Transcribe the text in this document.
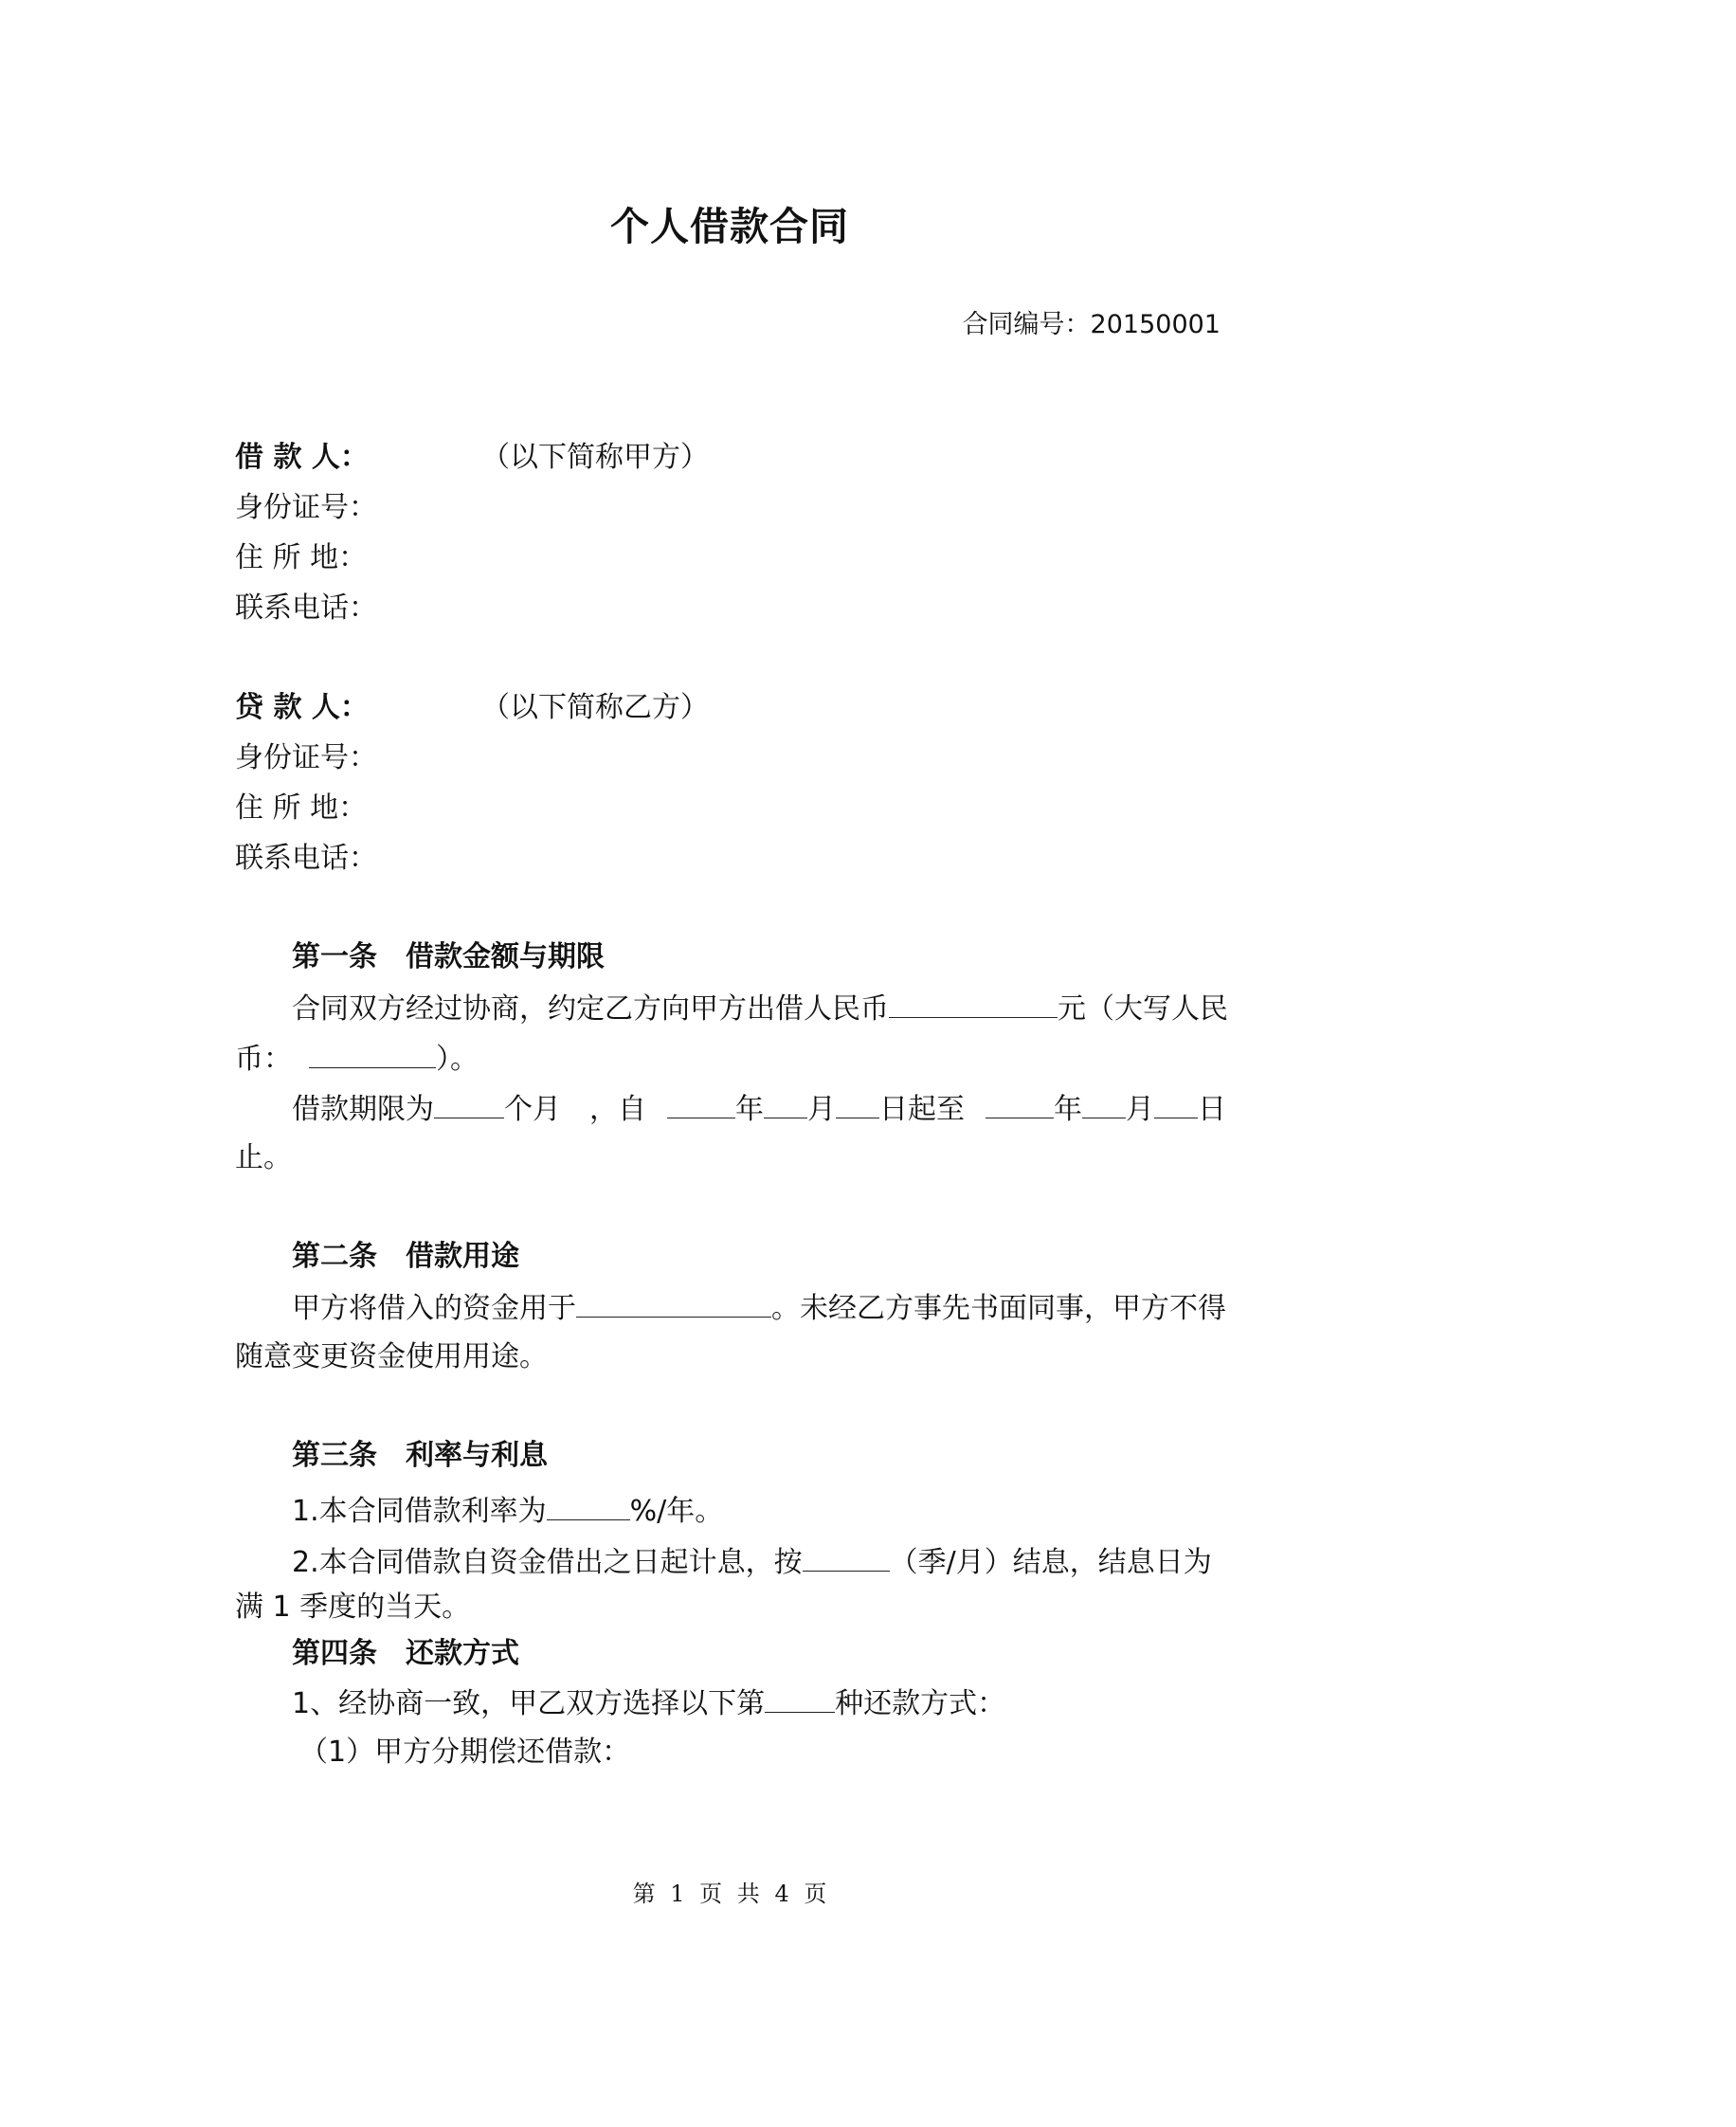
个人借款合同
合同编号：20150001
借 款 人：	（以下简称甲方）
身份证号：
住 所 地：
联系电话：
贷 款 人：	（以下简称乙方）
身份证号：
住 所 地：
联系电话：
第一条　借款金额与期限
合同双方经过协商，约定乙方向甲方出借人民币	元（大写人民
币：	）。
借款期限为 个月　，自	年 月 日起至	年 月 日
止。
第二条　借款用途
甲方将借入的资金用于	。未经乙方事先书面同事，甲方不得
随意变更资金使用用途。
第三条　利率与利息
1.本合同借款利率为	%/年。
2.本合同借款自资金借出之日起计息，按	（季/月）结息，结息日为
满 1 季度的当天。
第四条　还款方式
1、经协商一致，甲乙双方选择以下第 种还款方式：
（1）甲方分期偿还借款：
第 1 页 共 4 页
